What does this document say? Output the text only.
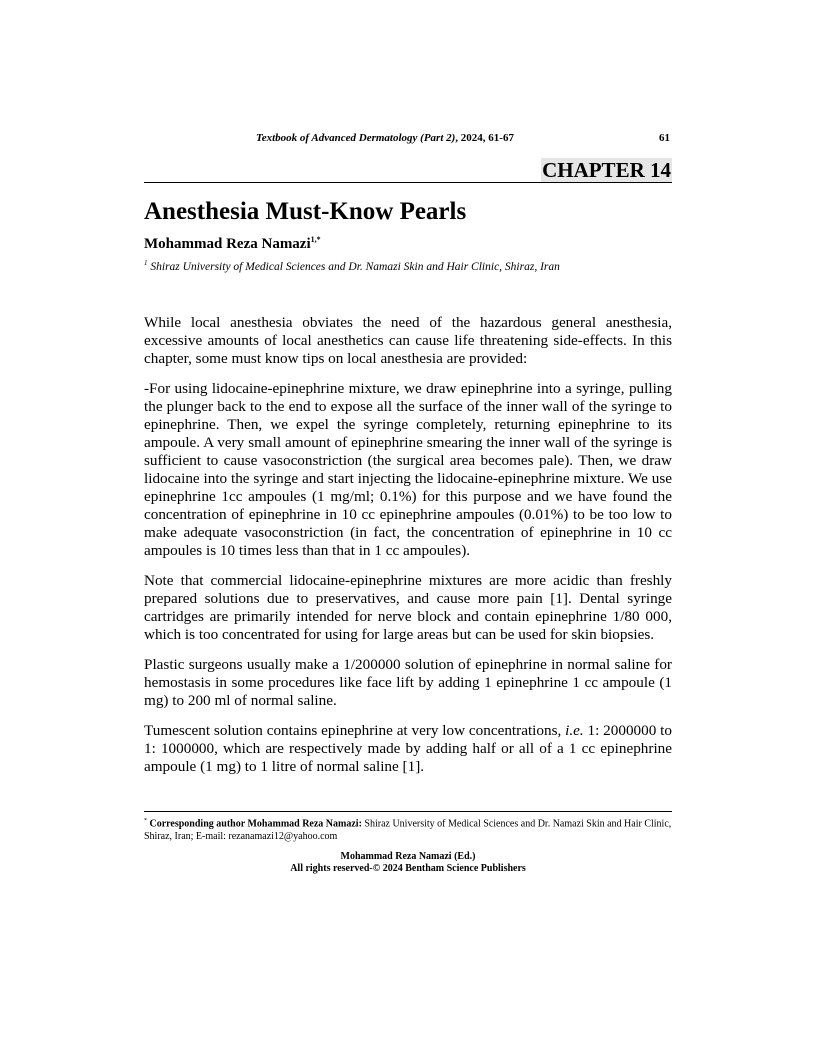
Textbook of Advanced Dermatology (Part 2), 2024, 61-67	61
CHAPTER 14
Anesthesia Must-Know Pearls
Mohammad Reza Namazi$^{1,*}$
$^1$ Shiraz University of Medical Sciences and Dr. Namazi Skin and Hair Clinic, Shiraz, Iran

While local anesthesia obviates the need of the hazardous general anesthesia, excessive amounts of local anesthetics can cause life threatening side-effects. In this chapter, some must know tips on local anesthesia are provided:

-For using lidocaine-epinephrine mixture, we draw epinephrine into a syringe, pulling the plunger back to the end to expose all the surface of the inner wall of the syringe to epinephrine. Then, we expel the syringe completely, returning epinephrine to its ampoule. A very small amount of epinephrine smearing the inner wall of the syringe is sufficient to cause vasoconstriction (the surgical area becomes pale). Then, we draw lidocaine into the syringe and start injecting the lidocaine-epinephrine mixture. We use epinephrine 1cc ampoules (1 mg/ml; 0.1%) for this purpose and we have found the concentration of epinephrine in 10 cc epinephrine ampoules (0.01%) to be too low to make adequate vasoconstriction (in fact, the concentration of epinephrine in 10 cc ampoules is 10 times less than that in 1 cc ampoules).

Note that commercial lidocaine-epinephrine mixtures are more acidic than freshly prepared solutions due to preservatives, and cause more pain [1]. Dental syringe cartridges are primarily intended for nerve block and contain epinephrine 1/80 000, which is too concentrated for using for large areas but can be used for skin biopsies.

Plastic surgeons usually make a 1/200000 solution of epinephrine in normal saline for hemostasis in some procedures like face lift by adding 1 epinephrine 1 cc ampoule (1 mg) to 200 ml of normal saline.

Tumescent solution contains epinephrine at very low concentrations, i.e. 1: 2000000 to 1: 1000000, which are respectively made by adding half or all of a 1 cc epinephrine ampoule (1 mg) to 1 litre of normal saline [1].

* Corresponding author Mohammad Reza Namazi: Shiraz University of Medical Sciences and Dr. Namazi Skin and Hair Clinic, Shiraz, Iran; E-mail: rezanamazi12@yahoo.com
Mohammad Reza Namazi (Ed.)
All rights reserved-© 2024 Bentham Science Publishers
